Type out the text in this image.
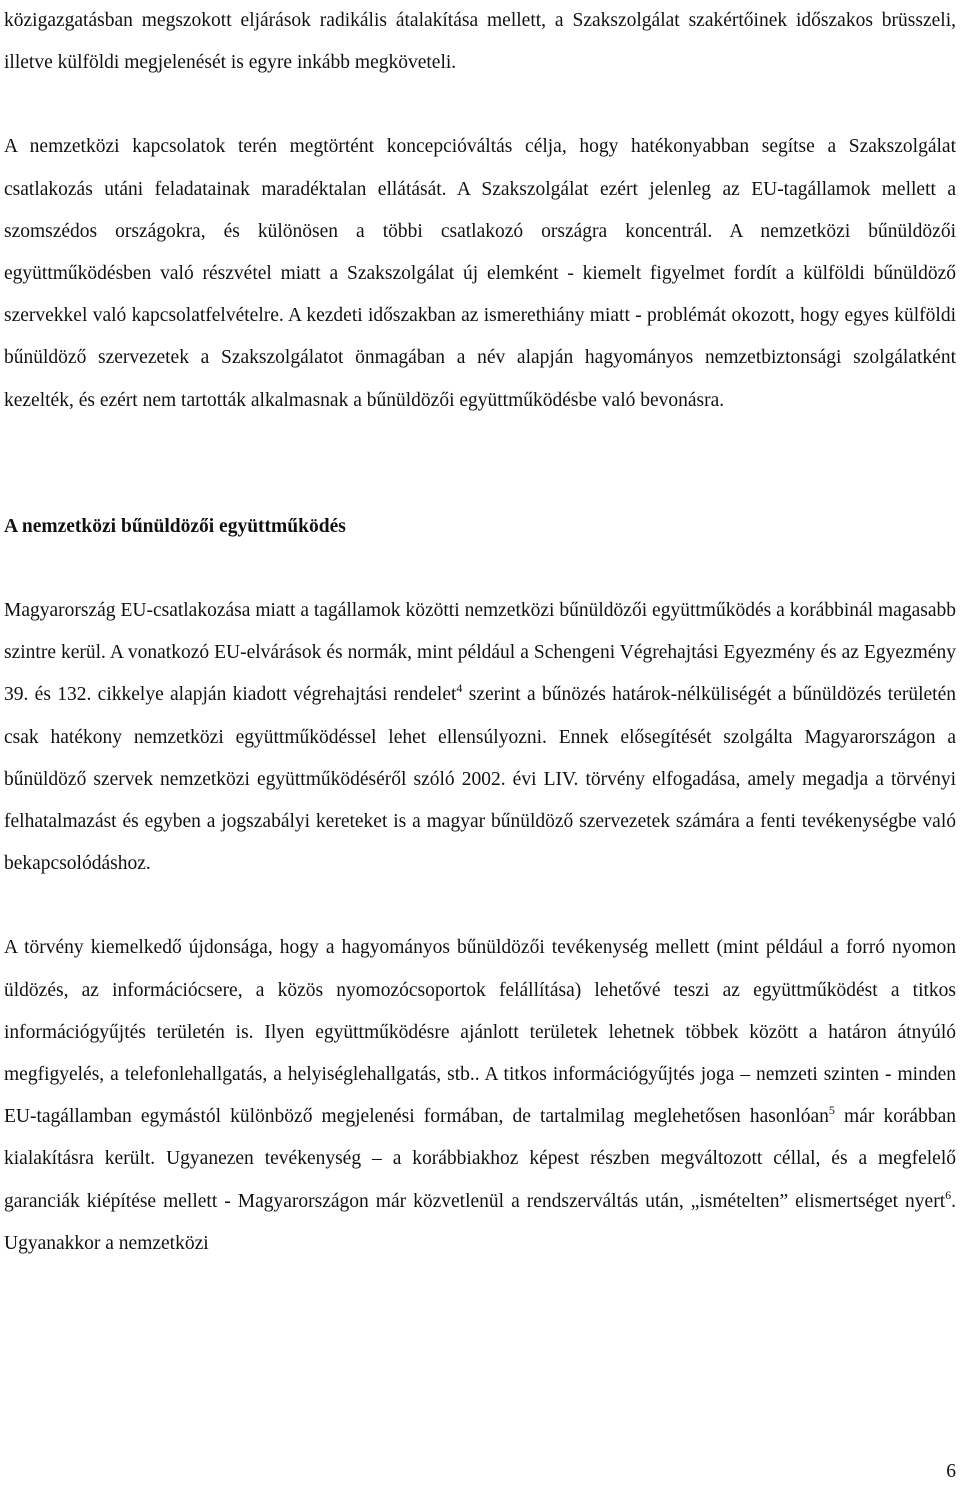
közigazgatásban megszokott eljárások radikális átalakítása mellett, a Szakszolgálat szakértőinek időszakos brüsszeli, illetve külföldi megjelenését is egyre inkább megköveteli.

A nemzetközi kapcsolatok terén megtörtént koncepcióváltás célja, hogy hatékonyabban segítse a Szakszolgálat csatlakozás utáni feladatainak maradéktalan ellátását. A Szakszolgálat ezért jelenleg az EU-tagállamok mellett a szomszédos országokra, és különösen a többi csatlakozó országra koncentrál. A nemzetközi bűnüldözői együttműködésben való részvétel miatt a Szakszolgálat új elemként - kiemelt figyelmet fordít a külföldi bűnüldöző szervekkel való kapcsolatfelvételre. A kezdeti időszakban az ismerethiány miatt - problémát okozott, hogy egyes külföldi bűnüldöző szervezetek a Szakszolgálatot önmagában a név alapján hagyományos nemzetbiztonsági szolgálatként kezelték, és ezért nem tartották alkalmasnak a bűnüldözői együttműködésbe való bevonásra.

A nemzetközi bűnüldözői együttműködés

Magyarország EU-csatlakozása miatt a tagállamok közötti nemzetközi bűnüldözői együttműködés a korábbinál magasabb szintre kerül. A vonatkozó EU-elvárások és normák, mint például a Schengeni Végrehajtási Egyezmény és az Egyezmény 39. és 132. cikkelye alapján kiadott végrehajtási rendelet$^4$ szerint a bűnözés határok-nélküliségét a bűnüldözés területén csak hatékony nemzetközi együttműködéssel lehet ellensúlyozni. Ennek elősegítését szolgálta Magyarországon a bűnüldöző szervek nemzetközi együttműködéséről szóló 2002. évi LIV. törvény elfogadása, amely megadja a törvényi felhatalmazást és egyben a jogszabályi kereteket is a magyar bűnüldöző szervezetek számára a fenti tevékenységbe való bekapcsolódáshoz.

A törvény kiemelkedő újdonsága, hogy a hagyományos bűnüldözői tevékenység mellett (mint például a forró nyomon üldözés, az információcsere, a közös nyomozócsoportok felállítása) lehetővé teszi az együttműködést a titkos információgyűjtés területén is. Ilyen együttműködésre ajánlott területek lehetnek többek között a határon átnyúló megfigyelés, a telefonlehallgatás, a helyiséglehallgatás, stb.. A titkos információgyűjtés joga – nemzeti szinten - minden EU-tagállamban egymástól különböző megjelenési formában, de tartalmilag meglehetősen hasonlóan$^5$ már korábban kialakításra került. Ugyanezen tevékenység – a korábbiakhoz képest részben megváltozott céllal, és a megfelelő garanciák kiépítése mellett - Magyarországon már közvetlenül a rendszerváltás után, „ismételten” elismertséget nyert$^6$. Ugyanakkor a nemzetközi

6
